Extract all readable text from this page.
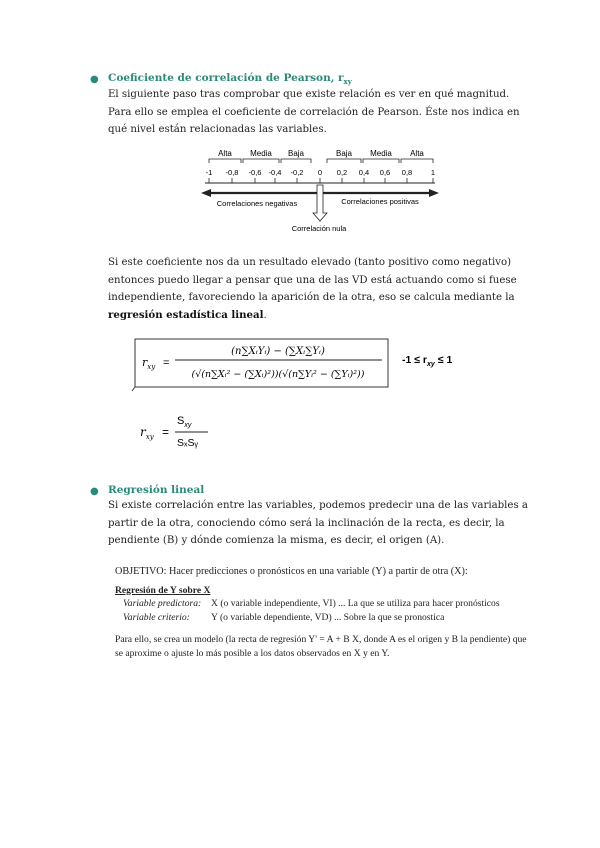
● Coeficiente de correlación de Pearson, $r_{xy}$
El siguiente paso tras comprobar que existe relación es ver en qué magnitud. Para ello se emplea el coeficiente de correlación de Pearson. Éste nos indica en qué nivel están relacionadas las variables.
Alta Media Baja	Baja Media Alta
-1 -0,8 -0,6 -0,4 -0,2 0 0,2 0,4 0,6 0,8 1
Correlaciones negativas	Correlaciones positivas
Correlación nula
Si este coeficiente nos da un resultado elevado (tanto positivo como negativo) entonces puedo llegar a pensar que una de las VD está actuando como si fuese independiente, favoreciendo la aparición de la otra, eso se calcula mediante la regresión estadística lineal.
$r_{xy}$ =
(n∑XᵢYᵢ) − (∑Xᵢ∑Yᵢ)
(√(n∑Xᵢ² − (∑Xᵢ)²))(√(n∑Yᵢ² − (∑Yᵢ)²))
$-1 \le r_{xy} \le 1$
$r_{xy}$ =
$S_{xy}$
SₓSᵧ
● Regresión lineal
Si existe correlación entre las variables, podemos predecir una de las variables a partir de la otra, conociendo cómo será la inclinación de la recta, es decir, la pendiente (B) y dónde comienza la misma, es decir, el origen (A).
OBJETIVO: Hacer predicciones o pronósticos en una variable (Y) a partir de otra (X):
Regresión de Y sobre X
Variable predictora:	X (o variable independiente, VI) ... La que se utiliza para hacer pronósticos
Variable criterio:	Y (o variable dependiente, VD) ... Sobre la que se pronostica
Para ello, se crea un modelo (la recta de regresión Y' = A + B X, donde A es el origen y B la pendiente) que se aproxime o ajuste lo más posible a los datos observados en X y en Y.
